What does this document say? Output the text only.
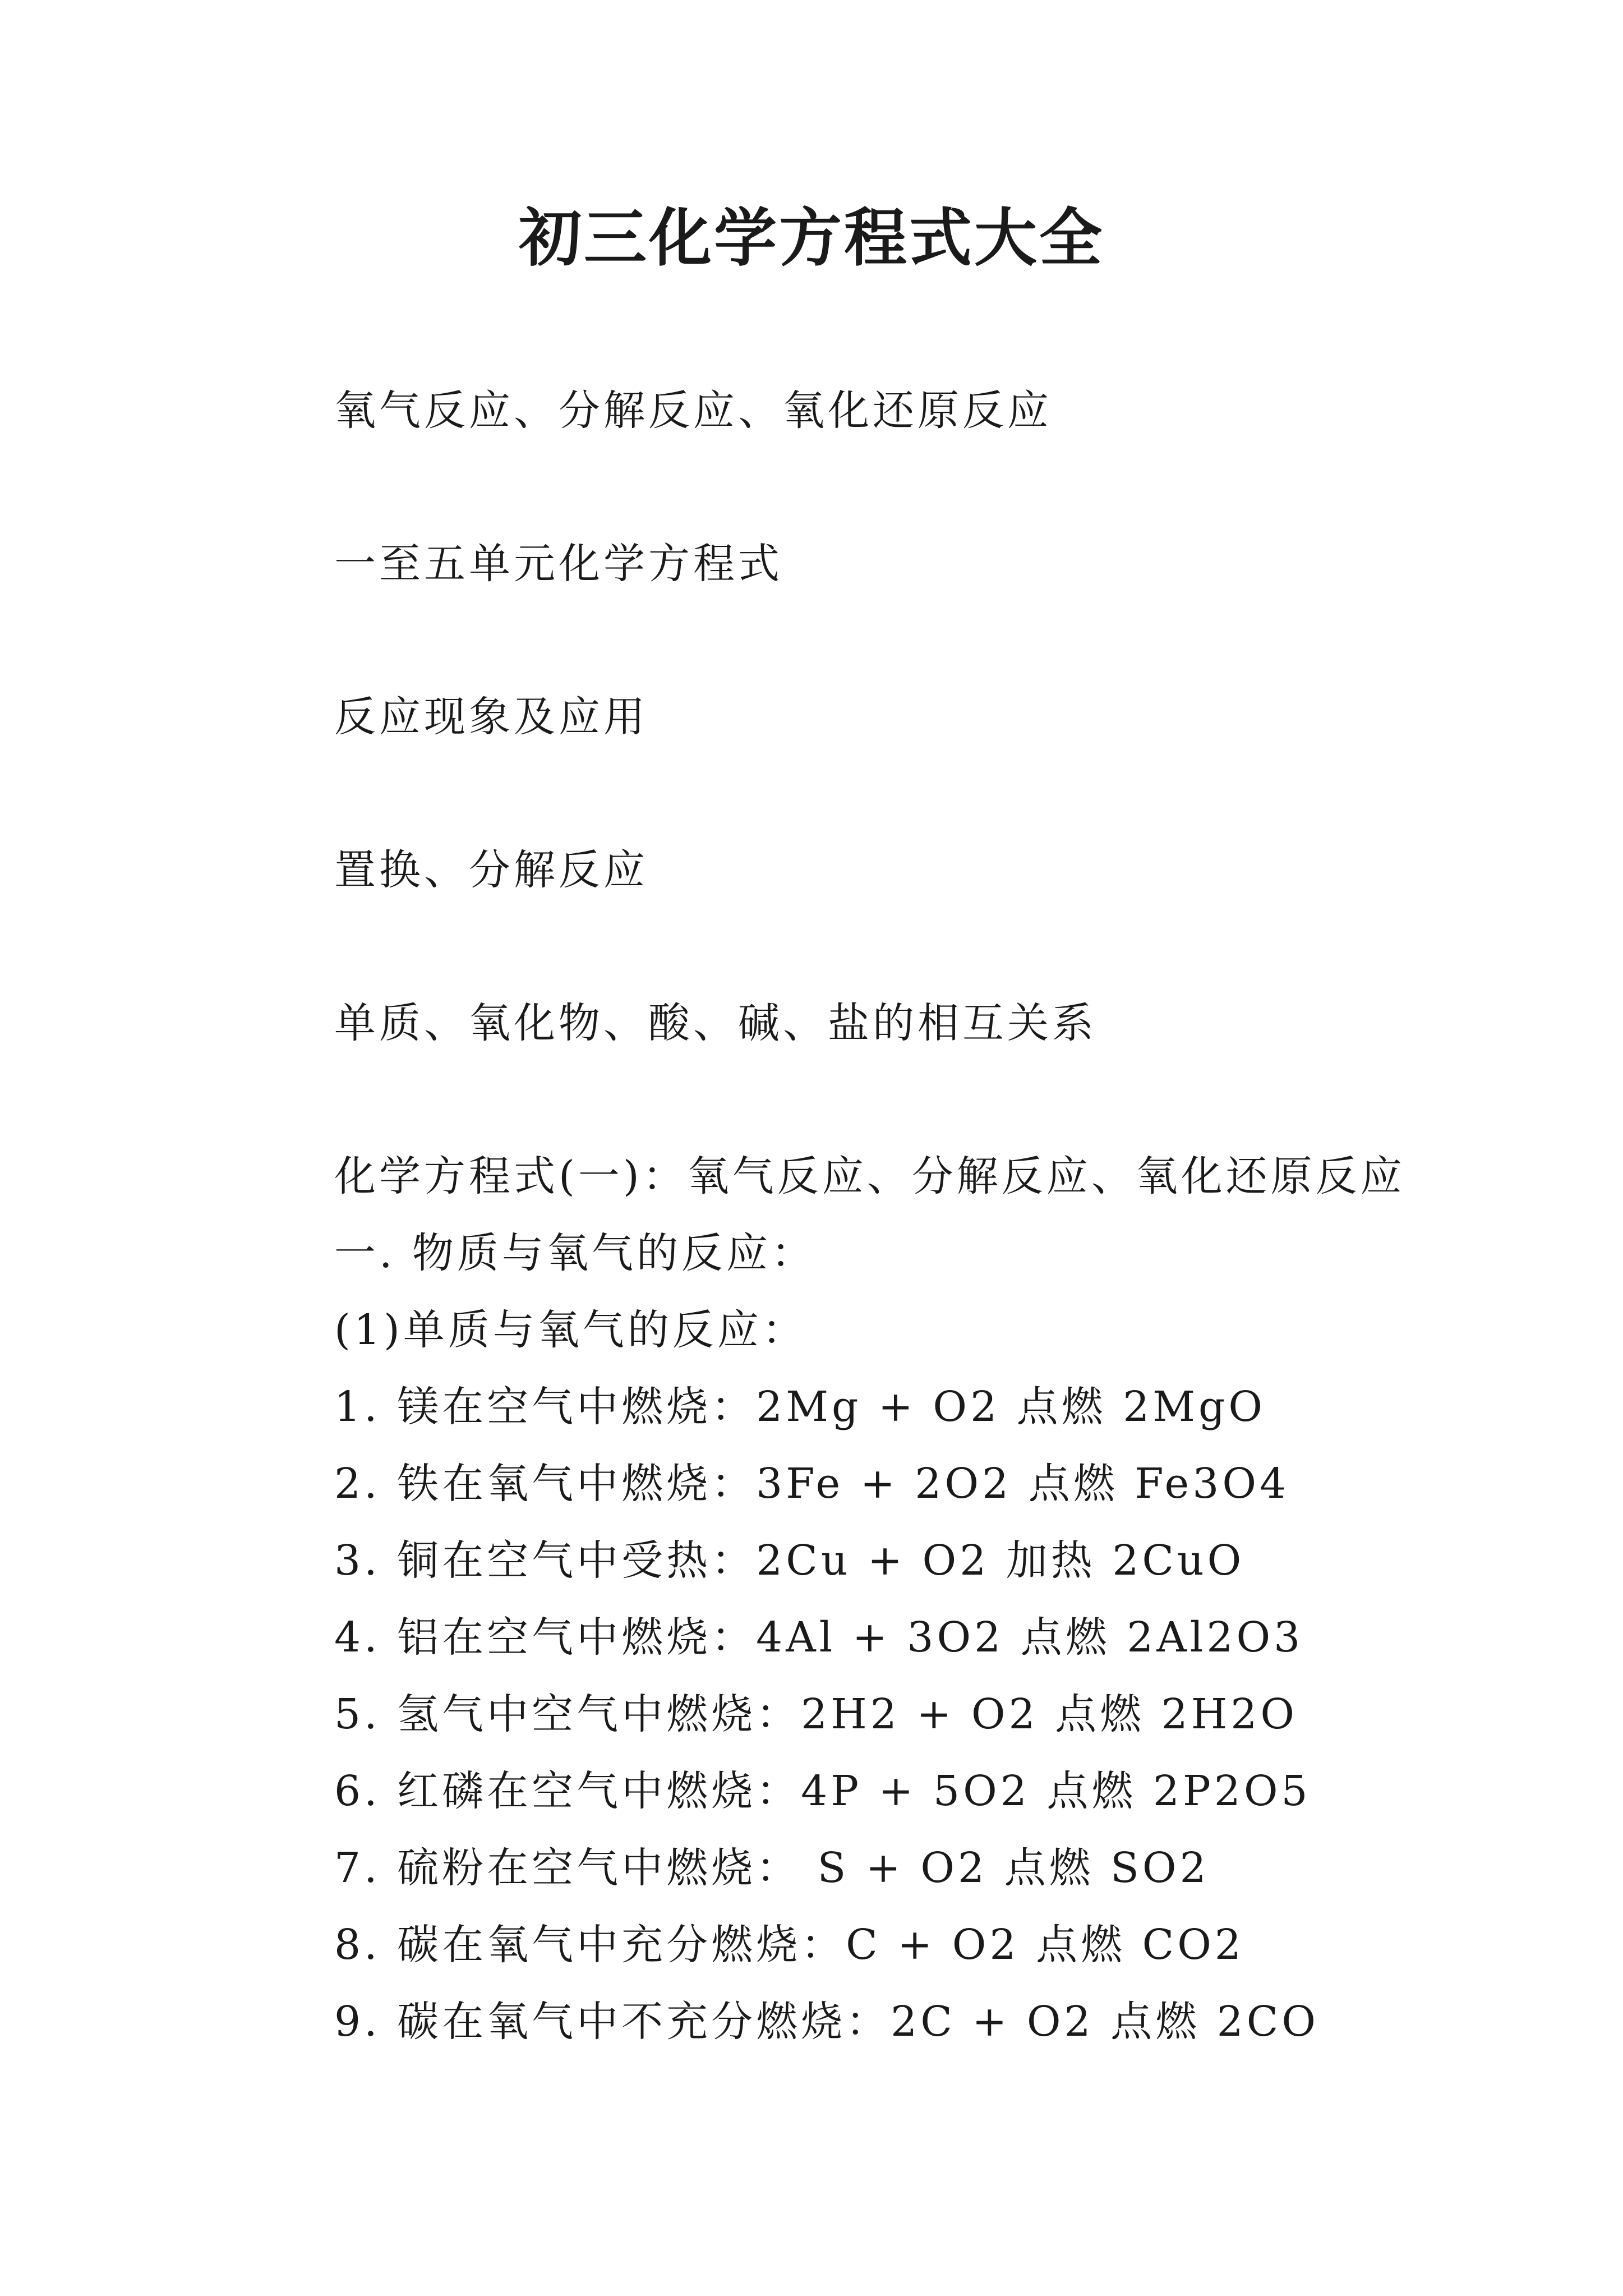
初三化学方程式大全

氧气反应、分解反应、氧化还原反应

一至五单元化学方程式

反应现象及应用

置换、分解反应

单质、氧化物、酸、碱、盐的相互关系

化学方程式(一)：氧气反应、分解反应、氧化还原反应

一. 物质与氧气的反应：

(1)单质与氧气的反应：

1. 镁在空气中燃烧：2Mg + O2 点燃 2MgO

2. 铁在氧气中燃烧：3Fe + 2O2 点燃 Fe3O4

3. 铜在空气中受热：2Cu + O2 加热 2CuO

4. 铝在空气中燃烧：4Al + 3O2 点燃 2Al2O3

5. 氢气中空气中燃烧：2H2 + O2 点燃 2H2O

6. 红磷在空气中燃烧：4P + 5O2 点燃 2P2O5

7. 硫粉在空气中燃烧： S + O2 点燃 SO2

8. 碳在氧气中充分燃烧：C + O2 点燃 CO2

9. 碳在氧气中不充分燃烧：2C + O2 点燃 2CO
